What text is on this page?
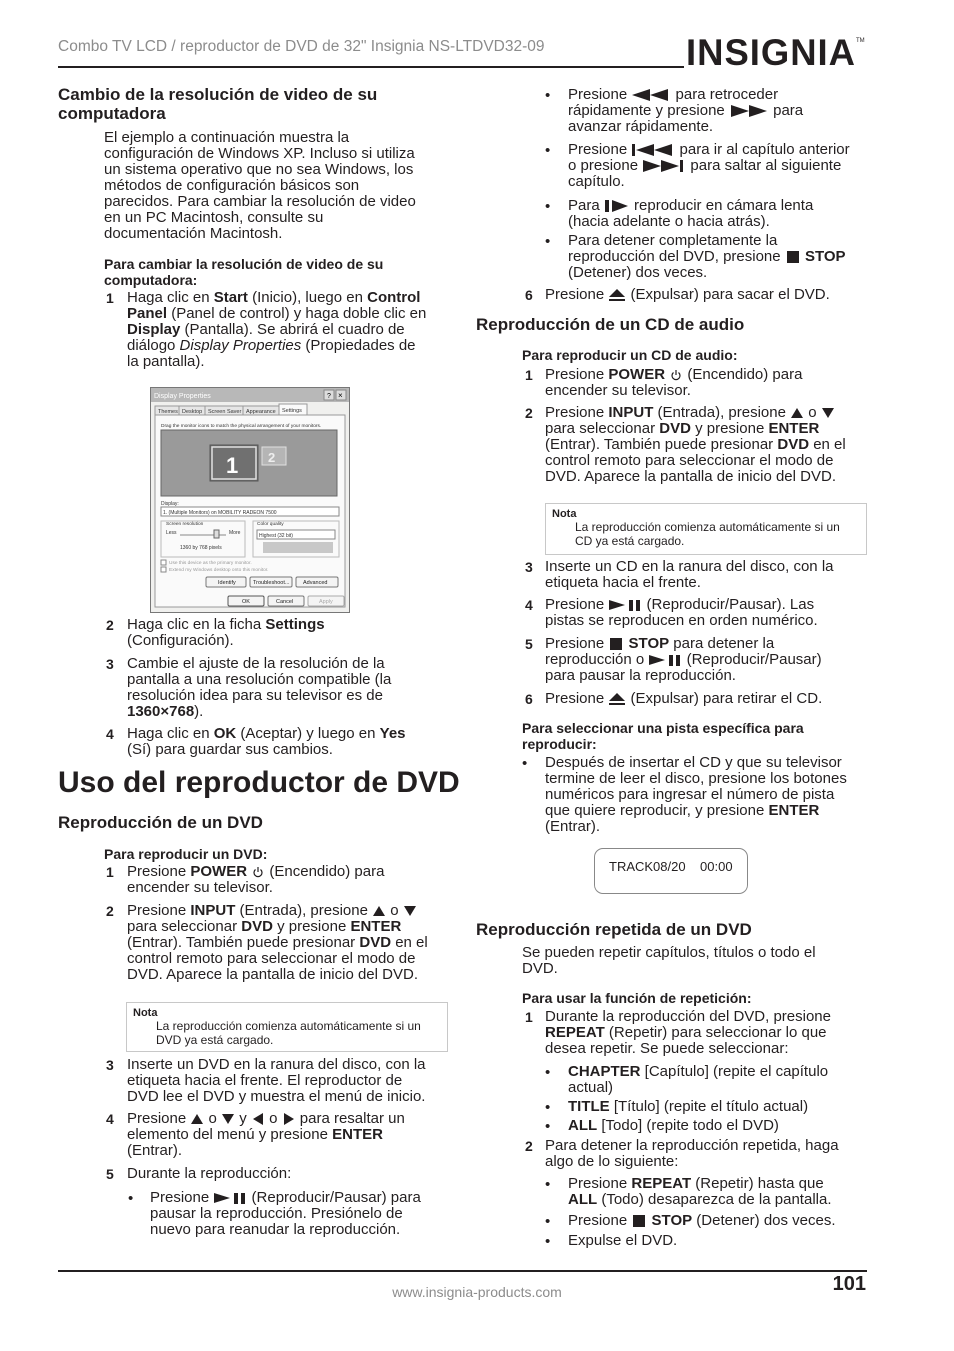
Combo TV LCD / reproductor de DVD de 32" Insignia NS-LTDVD32-09	INSIGNIA TM
Cambio de la resolución de video de su
computadora
El ejemplo a continuación muestra la
configuración de Windows XP. Incluso si utiliza
un sistema operativo que no sea Windows, los
métodos de configuración básicos son
parecidos. Para cambiar la resolución de video
en un PC Macintosh, consulte su
documentación Macintosh.
Para cambiar la resolución de video de su
computadora:
1 Haga clic en Start (Inicio), luego en Control
Panel (Panel de control) y haga doble clic en
Display (Pantalla). Se abrirá el cuadro de
diálogo Display Properties (Propiedades de
la pantalla).
Display Properties	? ×
Themes Desktop Screen Saver Appearance Settings
Drag the monitor icons to match the physical arrangement of your monitors.
1 2
Display:
1. (Multiple Monitors) on MOBILITY RADEON 7500
Screen resolution
Less	More
1360 by 768 pixels
Color quality
Highest (32 bit)
Use this device as the primary monitor.
Extend my Windows desktop onto this monitor.
Identify	Troubleshoot... Advanced
OK	Cancel	Apply
2 Haga clic en la ficha Settings
(Configuración).
3 Cambie el ajuste de la resolución de la
pantalla a una resolución compatible (la
resolución idea para su televisor es de
1360×768).
4 Haga clic en OK (Aceptar) y luego en Yes
(Sí) para guardar sus cambios.
Uso del reproductor de DVD
Reproducción de un DVD
Para reproducir un DVD:
1 Presione POWER  (Encendido) para
encender su televisor.
2 Presione INPUT (Entrada), presione  o
para seleccionar DVD y presione ENTER
(Entrar). También puede presionar DVD en el
control remoto para seleccionar el modo de
DVD. Aparece la pantalla de inicio del DVD.
Nota
La reproducción comienza automáticamente si un
DVD ya está cargado.
3 Inserte un DVD en la ranura del disco, con la
etiqueta hacia el frente. El reproductor de
DVD lee el DVD y muestra el menú de inicio.
4 Presione  o  y  o  para resaltar un
elemento del menú y presione ENTER
(Entrar).
5 Durante la reproducción:
• Presione  (Reproducir/Pausar) para
pausar la reproducción. Presiónelo de
nuevo para reanudar la reproducción.
• Presione	para retroceder
rápidamente y presione	para
avanzar rápidamente.
• Presione	para ir al capítulo anterior
o presione	para saltar al siguiente
capítulo.
• Para  reproducir en cámara lenta
(hacia adelante o hacia atrás).
• Para detener completamente la
reproducción del DVD, presione  STOP
(Detener) dos veces.
6 Presione  (Expulsar) para sacar el DVD.
Reproducción de un CD de audio
Para reproducir un CD de audio:
1 Presione POWER  (Encendido) para
encender su televisor.
2 Presione INPUT (Entrada), presione  o
para seleccionar DVD y presione ENTER
(Entrar). También puede presionar DVD en el
control remoto para seleccionar el modo de
DVD. Aparece la pantalla de inicio del DVD.
Nota
La reproducción comienza automáticamente si un
CD ya está cargado.
3 Inserte un CD en la ranura del disco, con la
etiqueta hacia el frente.
4 Presione  (Reproducir/Pausar). Las
pistas se reproducen en orden numérico.
5 Presione  STOP para detener la
reproducción o  (Reproducir/Pausar)
para pausar la reproducción.
6 Presione  (Expulsar) para retirar el CD.
Para seleccionar una pista específica para
reproducir:
• Después de insertar el CD y que su televisor
termine de leer el disco, presione los botones
numéricos para ingresar el número de pista
que quiere reproducir, y presione ENTER
(Entrar).
TRACK08/20    00:00
Reproducción repetida de un DVD
Se pueden repetir capítulos, títulos o todo el
DVD.
Para usar la función de repetición:
1 Durante la reproducción del DVD, presione
REPEAT (Repetir) para seleccionar lo que
desea repetir. Se puede seleccionar:
• CHAPTER [Capítulo] (repite el capítulo
actual)
• TITLE [Título] (repite el título actual)
• ALL [Todo] (repite todo el DVD)
2 Para detener la reproducción repetida, haga
algo de lo siguiente:
• Presione REPEAT (Repetir) hasta que
ALL (Todo) desaparezca de la pantalla.
• Presione  STOP (Detener) dos veces.
• Expulse el DVD.
www.insignia-products.com	101
